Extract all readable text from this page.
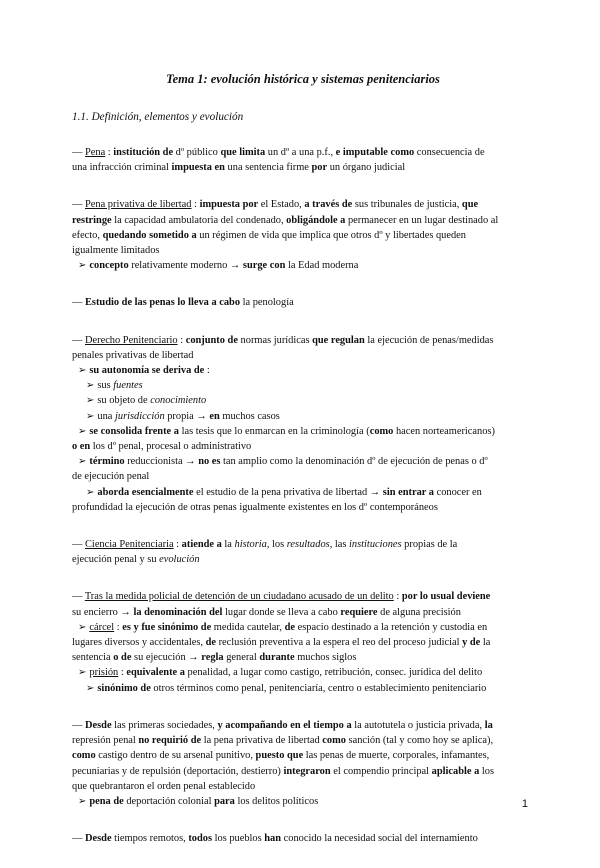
Tema 1: evolución histórica y sistemas penitenciarios
1.1. Definición, elementos y evolución
— Pena : institución de dº público que limita un dº a una p.f., e imputable como consecuencia de
una infracción criminal impuesta en una sentencia firme por un órgano judicial
— Pena privativa de libertad : impuesta por el Estado, a través de sus tribunales de justicia, que
restringe la capacidad ambulatoria del condenado, obligándole a permanecer en un lugar destinado al
efecto, quedando sometido a un régimen de vida que implica que otros dº y libertades queden
igualmente limitados
➢ concepto relativamente moderno → surge con la Edad moderna
— Estudio de las penas lo lleva a cabo la penología
— Derecho Penitenciario : conjunto de normas jurídicas que regulan la ejecución de penas/medidas
penales privativas de libertad
➢ su autonomía se deriva de :
➢ sus fuentes
➢ su objeto de conocimiento
➢ una jurisdicción propia → en muchos casos
➢ se consolida frente a las tesis que lo enmarcan en la criminología (como hacen norteamericanos)
o en los dº penal, procesal o administrativo
➢ término reduccionista → no es tan amplio como la denominación dº de ejecución de penas o dº
de ejecución penal
➢ aborda esencialmente el estudio de la pena privativa de libertad → sin entrar a conocer en
profundidad la ejecución de otras penas igualmente existentes en los dº contemporáneos
— Ciencia Penitenciaria : atiende a la historia, los resultados, las instituciones propias de la
ejecución penal y su evolución
— Tras la medida policial de detención de un ciudadano acusado de un delito : por lo usual deviene
su encierro → la denominación del lugar donde se lleva a cabo requiere de alguna precisión
➢ cárcel : es y fue sinónimo de medida cautelar, de espacio destinado a la retención y custodia en
lugares diversos y accidentales, de reclusión preventiva a la espera el reo del proceso judicial y de la
sentencia o de su ejecución → regla general durante muchos siglos
➢ prisión : equivalente a penalidad, a lugar como castigo, retribución, consec. jurídica del delito
➢ sinónimo de otros términos como penal, penitenciaría, centro o establecimiento penitenciario
— Desde las primeras sociedades, y acompañando en el tiempo a la autotutela o justicia privada, la
represión penal no requirió de la pena privativa de libertad como sanción (tal y como hoy se aplica),
como castigo dentro de su arsenal punitivo, puesto que las penas de muerte, corporales, infamantes,
pecuniarias y de repulsión (deportación, destierro) integraron el compendio principal aplicable a los
que quebrantaron el orden penal establecido
➢ pena de deportación colonial para los delitos políticos
— Desde tiempos remotos, todos los pueblos han conocido la necesidad social del internamiento
1
